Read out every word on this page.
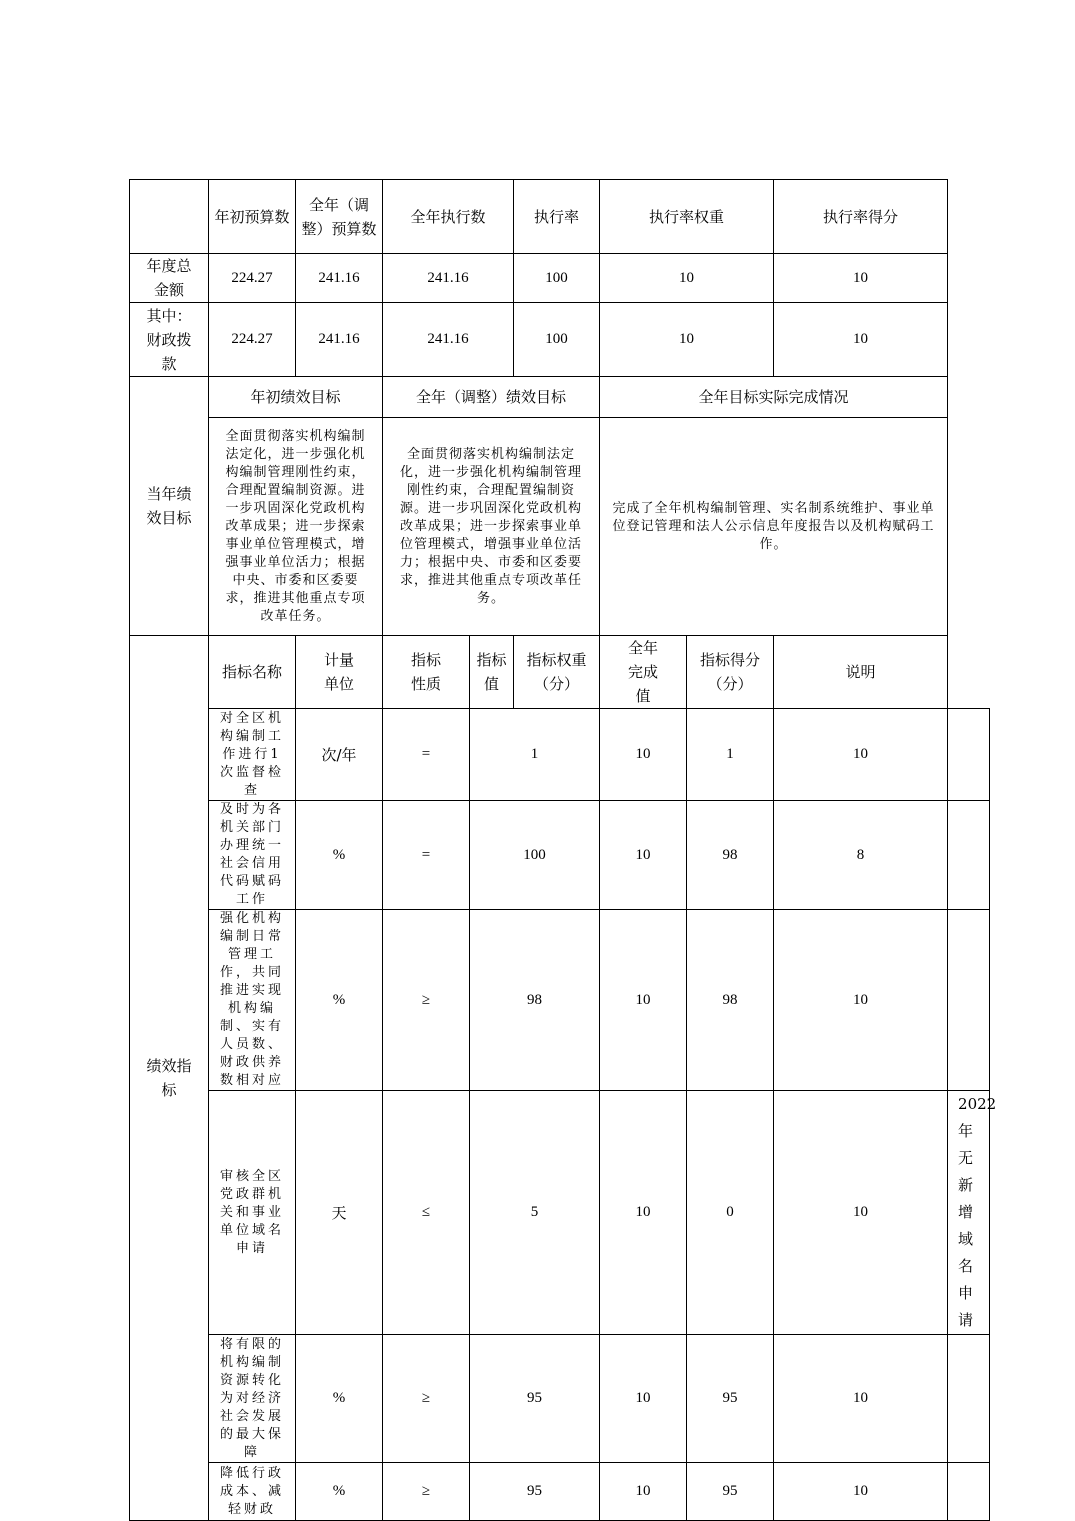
	年初预算数	全年（调整）预算数	全年执行数		执行率	执行率权重		执行率得分	
年度总金额	224.27	241.16	241.16		100	10		10	
其中：财政拨款	224.27	241.16	241.16		100	10		10	
当年绩效目标	年初绩效目标		全年（调整）绩效目标			全年目标实际完成情况			
	全面贯彻落实机构编制法定化，进一步强化机构编制管理刚性约束，合理配置编制资源。进一步巩固深化党政机构改革成果；进一步探索事业单位管理模式，增强事业单位活力；根据中央、市委和区委要求，推进其他重点专项改革任务。		全面贯彻落实机构编制法定化，进一步强化机构编制管理刚性约束，合理配置编制资源。进一步巩固深化党政机构改革成果；进一步探索事业单位管理模式，增强事业单位活力；根据中央、市委和区委要求，推进其他重点专项改革任务。			完成了全年机构编制管理、实名制系统维护、事业单位登记管理和法人公示信息年度报告以及机构赋码工作。			
绩效指标	指标名称	计量单位	指标性质	指标值	指标权重（分）	全年完成值	指标得分（分）	说明	
	对全区机构编制工作进行1次监督检查	次/年	=	1		10	1	10	
	及时为各机关部门办理统一社会信用代码赋码工作	%	=	100		10	98	8	
	强化机构编制日常管理工作，共同推进实现机构编制、实有人员数、财政供养数相对应	%	≥	98		10	98	10	
	审核全区党政群机关和事业单位域名申请	天	≤	5		10	0	10	2022年无新增域名申请
	将有限的机构编制资源转化为对经济社会发展的最大保障	%	≥	95		10	95	10	
	降低行政成本、减轻财政	%	≥	95		10	95	10	
